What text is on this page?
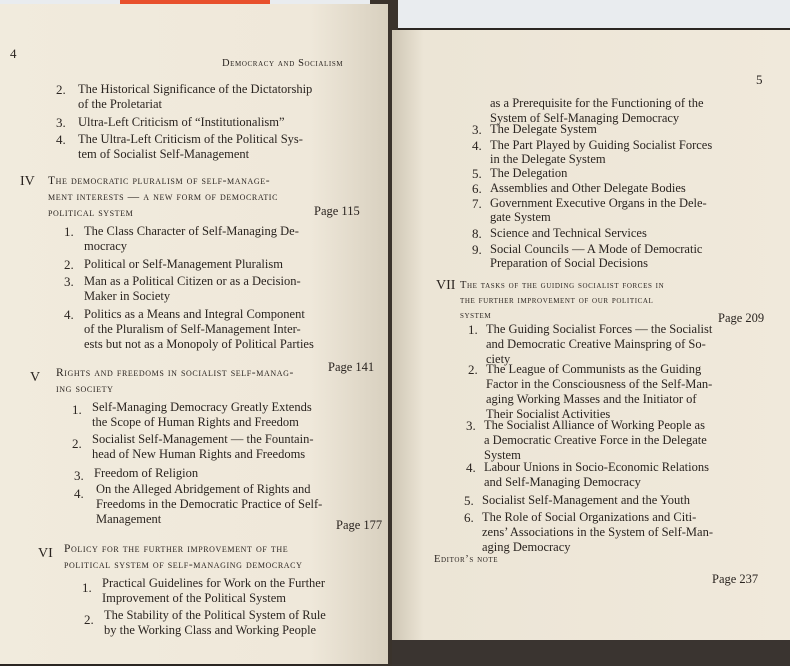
4
Democracy and Socialism
2. The Historical Significance of the Dictatorship
of the Proletariat
3. Ultra-Left Criticism of “Institutionalism”
4. The Ultra-Left Criticism of the Political Sys-
tem of Socialist Self-Management
IV The democratic pluralism of self-manage-
ment interests — a new form of democratic
political system	Page 115
1. The Class Character of Self-Managing De-
mocracy
2. Political or Self-Management Pluralism
3. Man as a Political Citizen or as a Decision-
Maker in Society
4. Politics as a Means and Integral Component
of the Pluralism of Self-Management Inter-
ests but not as a Monopoly of Political Parties
V Rights and freedoms in socialist self-manag-
ing society
Page 141
1. Self-Managing Democracy Greatly Extends
the Scope of Human Rights and Freedom
2. Socialist Self-Management — the Fountain-
head of New Human Rights and Freedoms
3. Freedom of Religion
4. On the Alleged Abridgement of Rights and
Freedoms in the Democratic Practice of Self-
Management
VI Policy for the further improvement of the
political system of self-managing democracy
Page 177
1. Practical Guidelines for Work on the Further
Improvement of the Political System
2. The Stability of the Political System of Rule
by the Working Class and Working People
5
as a Prerequisite for the Functioning of the
System of Self-Managing Democracy
3. The Delegate System
4. The Part Played by Guiding Socialist Forces
in the Delegate System
5. The Delegation
6. Assemblies and Other Delegate Bodies
7. Government Executive Organs in the Dele-
gate System
8. Science and Technical Services
9. Social Councils — A Mode of Democratic
Preparation of Social Decisions
VII The tasks of the guiding socialist forces in
the further improvement of our political
system	Page 209
1. The Guiding Socialist Forces — the Socialist
and Democratic Creative Mainspring of So-
ciety
2. The League of Communists as the Guiding
Factor in the Consciousness of the Self-Man-
aging Working Masses and the Initiator of
Their Socialist Activities
3. The Socialist Alliance of Working People as
a Democratic Creative Force in the Delegate
System
4. Labour Unions in Socio-Economic Relations
and Self-Managing Democracy
5. Socialist Self-Management and the Youth
6. The Role of Social Organizations and Citi-
zens’ Associations in the System of Self-Man-
aging Democracy
Editor’s note
Page 237
